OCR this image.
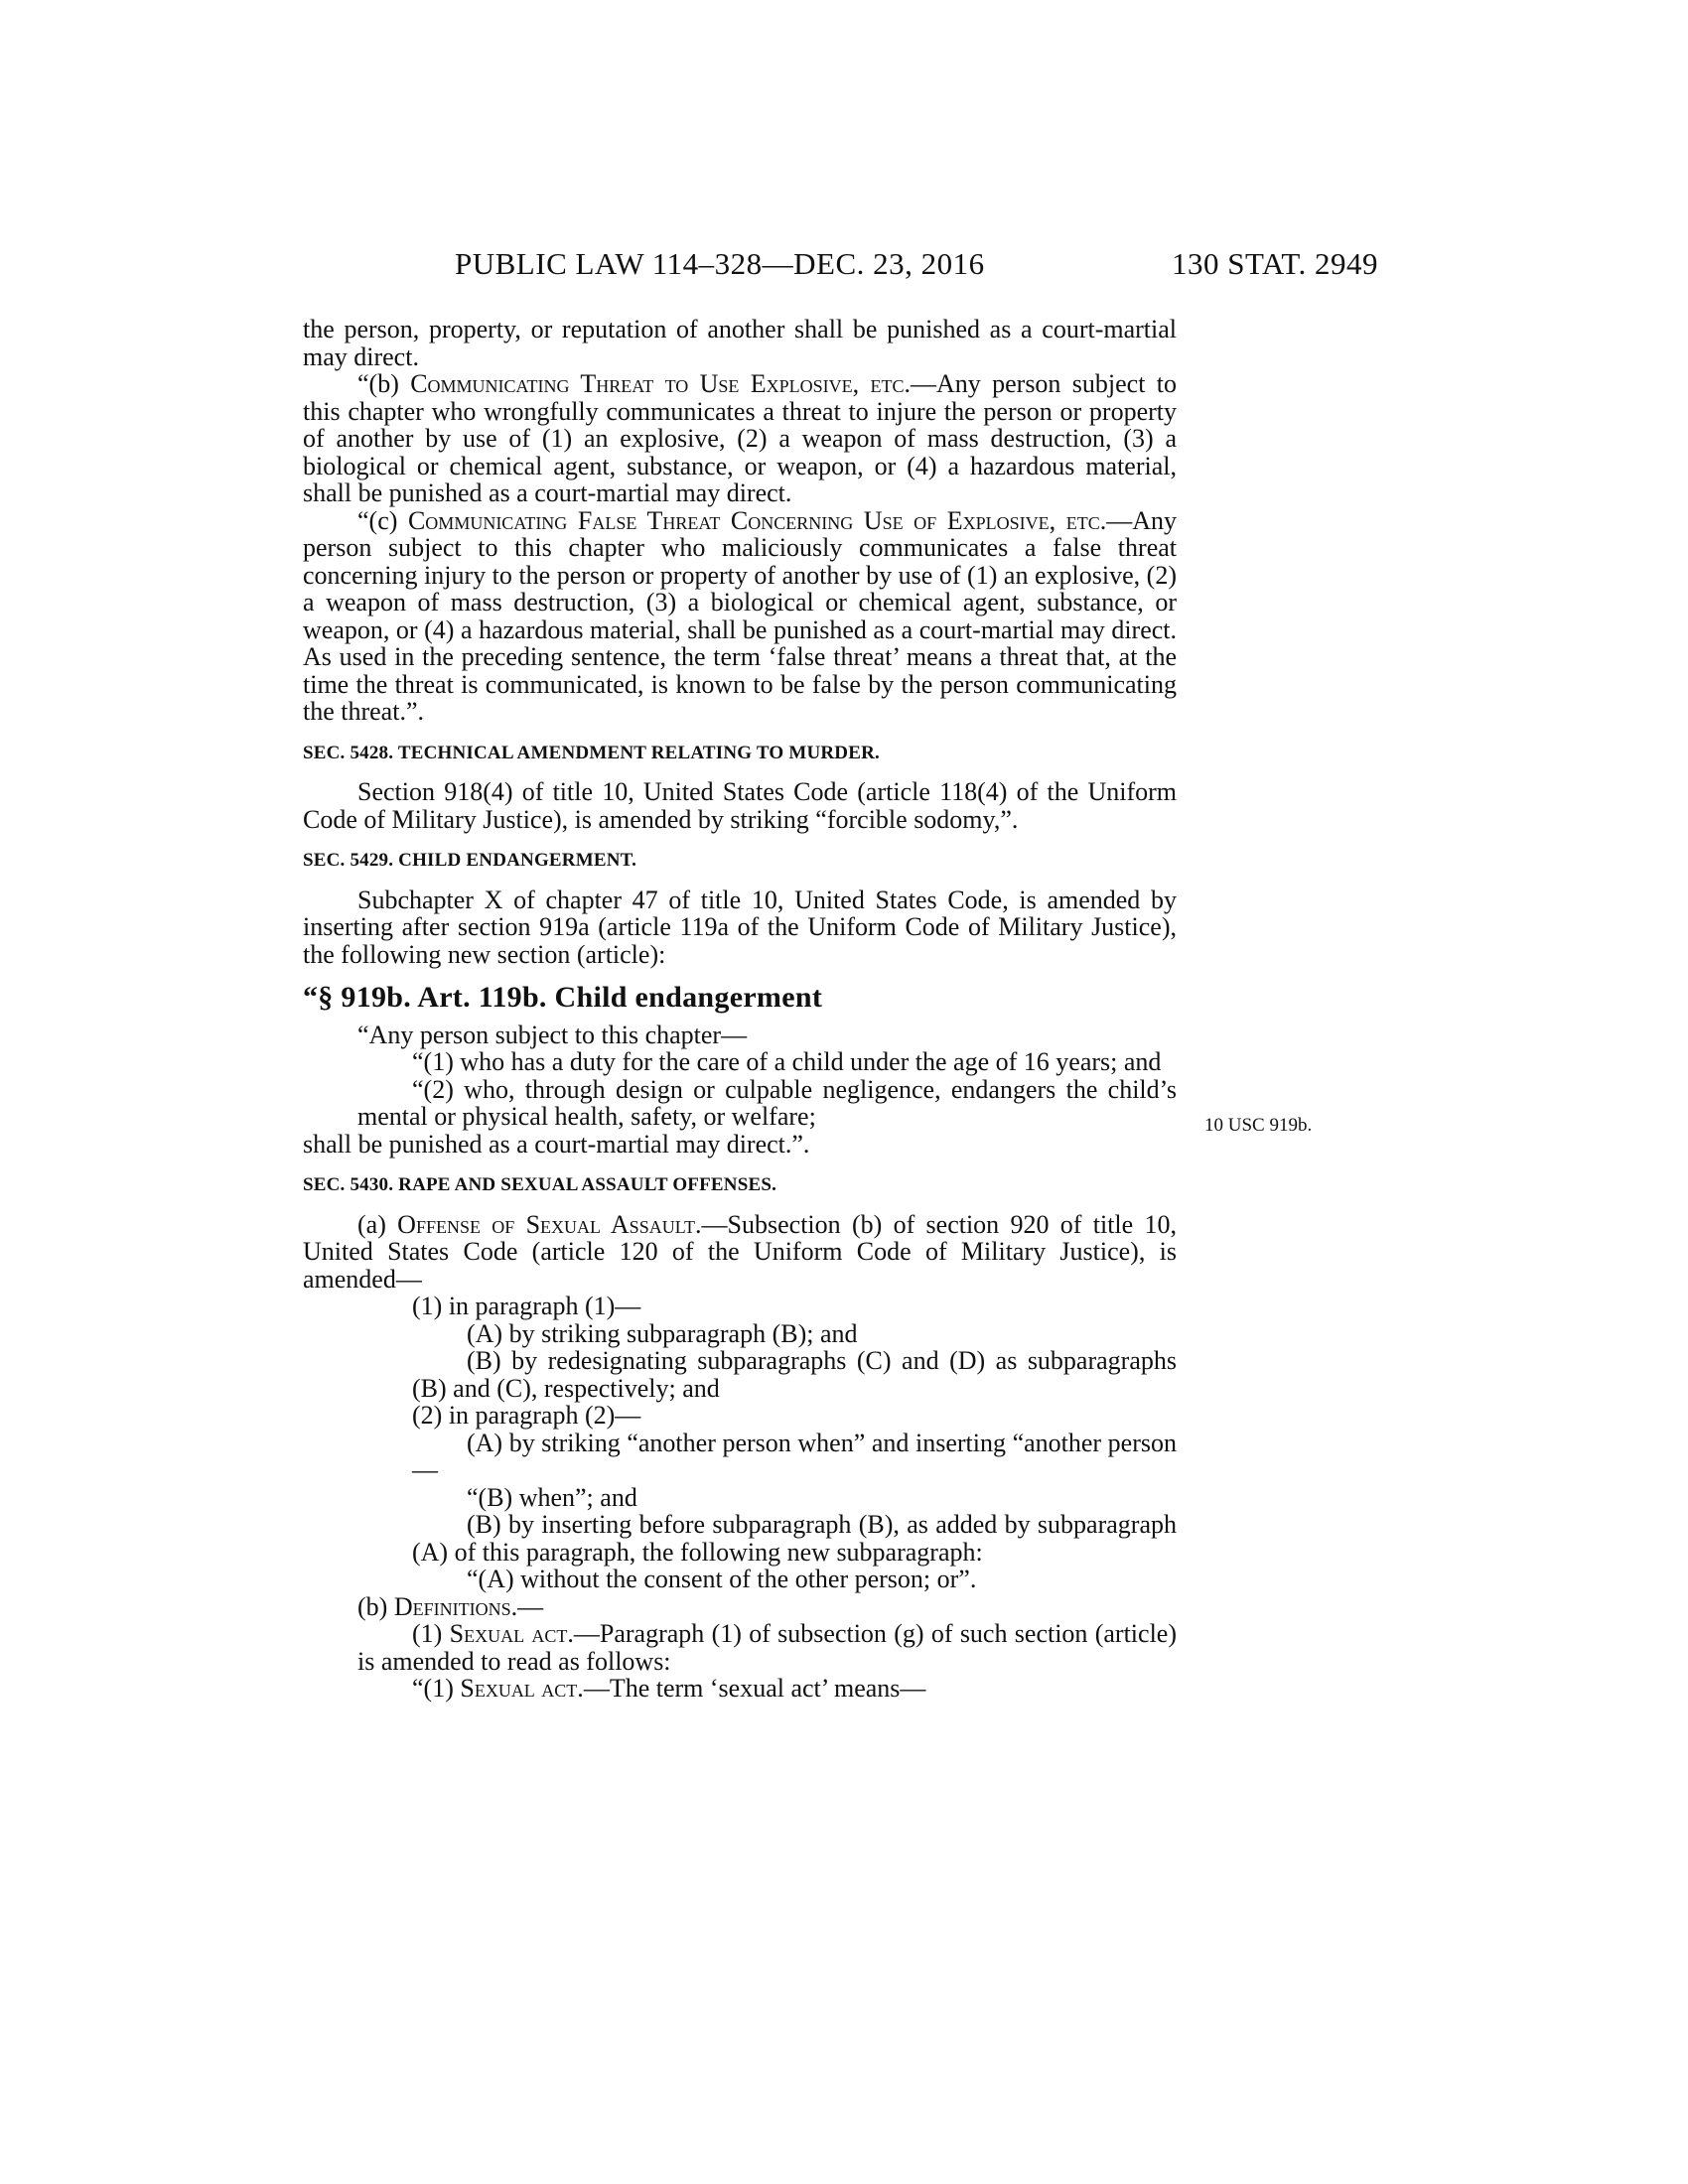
PUBLIC LAW 114–328—DEC. 23, 2016	130 STAT. 2949
10 USC 919b.

the person, property, or reputation of another shall be punished as a court-martial may direct.

“(b) Communicating Threat to Use Explosive, etc.—Any person subject to this chapter who wrongfully communicates a threat to injure the person or property of another by use of (1) an explosive, (2) a weapon of mass destruction, (3) a biological or chemical agent, substance, or weapon, or (4) a hazardous material, shall be punished as a court-martial may direct.

“(c) Communicating False Threat Concerning Use of Explosive, etc.—Any person subject to this chapter who maliciously communicates a false threat concerning injury to the person or property of another by use of (1) an explosive, (2) a weapon of mass destruction, (3) a biological or chemical agent, substance, or weapon, or (4) a hazardous material, shall be punished as a court-martial may direct. As used in the preceding sentence, the term ‘false threat’ means a threat that, at the time the threat is communicated, is known to be false by the person communicating the threat.”.

SEC. 5428. TECHNICAL AMENDMENT RELATING TO MURDER.

Section 918(4) of title 10, United States Code (article 118(4) of the Uniform Code of Military Justice), is amended by striking “forcible sodomy,”.

SEC. 5429. CHILD ENDANGERMENT.

Subchapter X of chapter 47 of title 10, United States Code, is amended by inserting after section 919a (article 119a of the Uniform Code of Military Justice), the following new section (article):

“§ 919b. Art. 119b. Child endangerment

“Any person subject to this chapter—

“(1) who has a duty for the care of a child under the age of 16 years; and

“(2) who, through design or culpable negligence, endangers the child’s mental or physical health, safety, or welfare;

shall be punished as a court-martial may direct.”.

SEC. 5430. RAPE AND SEXUAL ASSAULT OFFENSES.

(a) Offense of Sexual Assault.—Subsection (b) of section 920 of title 10, United States Code (article 120 of the Uniform Code of Military Justice), is amended—

(1) in paragraph (1)—

(A) by striking subparagraph (B); and

(B) by redesignating subparagraphs (C) and (D) as subparagraphs (B) and (C), respectively; and

(2) in paragraph (2)—

(A) by striking “another person when” and inserting “another person—

“(B) when”; and

(B) by inserting before subparagraph (B), as added by subparagraph (A) of this paragraph, the following new subparagraph:

“(A) without the consent of the other person; or”.

(b) Definitions.—

(1) Sexual act.—Paragraph (1) of subsection (g) of such section (article) is amended to read as follows:

“(1) Sexual act.—The term ‘sexual act’ means—
